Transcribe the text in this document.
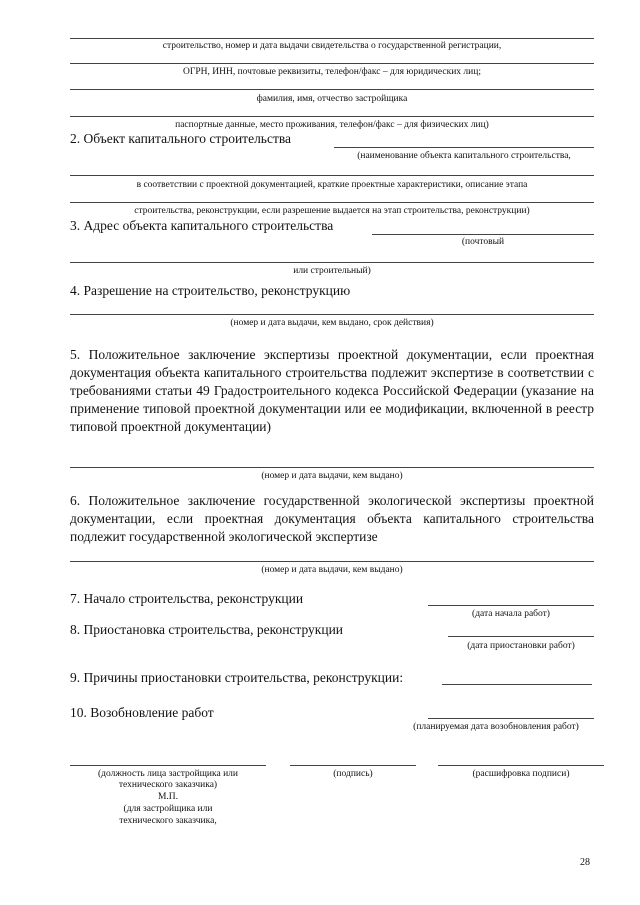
строительство, номер и дата выдачи свидетельства о государственной регистрации,
ОГРН, ИНН, почтовые реквизиты, телефон/факс – для юридических лиц;
фамилия, имя, отчество застройщика
паспортные данные, место проживания, телефон/факс – для физических лиц)
2. Объект капитального строительства
(наименование объекта капитального строительства,
в соответствии с проектной документацией, краткие проектные характеристики, описание этапа
строительства, реконструкции, если разрешение выдается на этап строительства, реконструкции)
3. Адрес объекта капитального строительства
(почтовый
или строительный)
4. Разрешение на строительство, реконструкцию
(номер и дата выдачи, кем выдано, срок действия)
5. Положительное заключение экспертизы проектной документации, если проектная документация объекта капитального строительства подлежит экспертизе в соответствии с требованиями статьи 49 Градостроительного кодекса Российской Федерации (указание на применение типовой проектной документации или ее модификации, включенной в реестр типовой проектной документации)
(номер и дата выдачи, кем выдано)
6. Положительное заключение государственной экологической экспертизы проектной документации, если проектная документация объекта капитального строительства подлежит государственной экологической экспертизе
(номер и дата выдачи, кем выдано)
7. Начало строительства, реконструкции
(дата начала работ)
8. Приостановка строительства, реконструкции
(дата приостановки работ)
9. Причины приостановки строительства, реконструкции:
10. Возобновление работ
(планируемая дата возобновления работ)
(должность лица застройщика или
технического заказчика)
М.П.
(для застройщика или
технического заказчика,
(подпись)	(расшифровка подписи)
28
